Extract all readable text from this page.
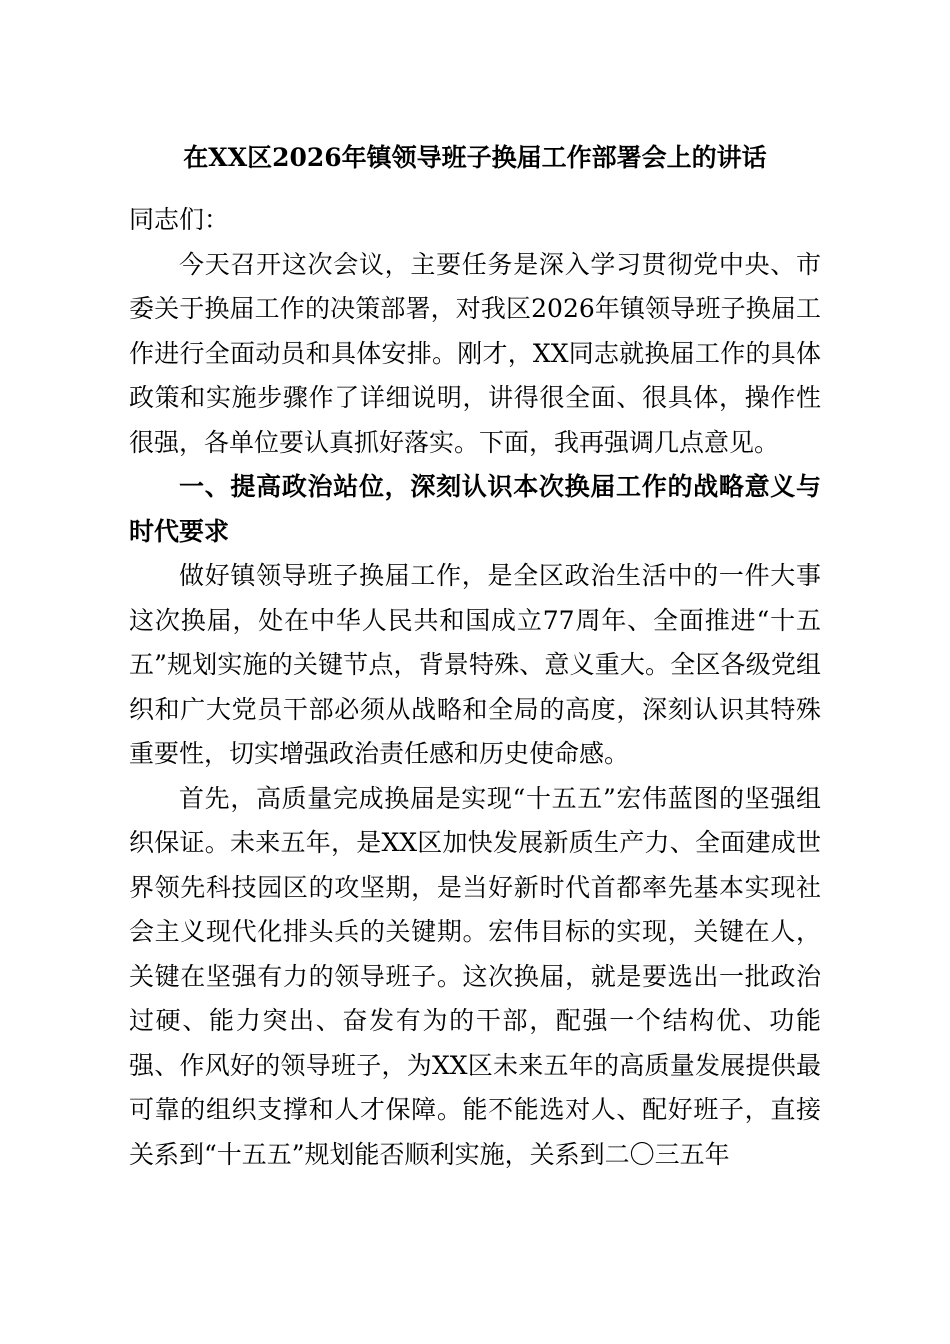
在XX区2026年镇领导班子换届工作部署会上的讲话

同志们：

今天召开这次会议，主要任务是深入学习贯彻党中央、市委关于换届工作的决策部署，对我区2026年镇领导班子换届工作进行全面动员和具体安排。刚才，XX同志就换届工作的具体政策和实施步骤作了详细说明，讲得很全面、很具体，操作性很强，各单位要认真抓好落实。下面，我再强调几点意见。

一、提高政治站位，深刻认识本次换届工作的战略意义与时代要求

做好镇领导班子换届工作，是全区政治生活中的一件大事这次换届，处在中华人民共和国成立77周年、全面推进“十五五”规划实施的关键节点，背景特殊、意义重大。全区各级党组织和广大党员干部必须从战略和全局的高度，深刻认识其特殊重要性，切实增强政治责任感和历史使命感。

首先，高质量完成换届是实现“十五五”宏伟蓝图的坚强组织保证。未来五年，是XX区加快发展新质生产力、全面建成世界领先科技园区的攻坚期，是当好新时代首都率先基本实现社会主义现代化排头兵的关键期。宏伟目标的实现，关键在人，关键在坚强有力的领导班子。这次换届，就是要选出一批政治过硬、能力突出、奋发有为的干部，配强一个结构优、功能强、作风好的领导班子，为XX区未来五年的高质量发展提供最可靠的组织支撑和人才保障。能不能选对人、配好班子，直接关系到“十五五”规划能否顺利实施，关系到二〇三五年
